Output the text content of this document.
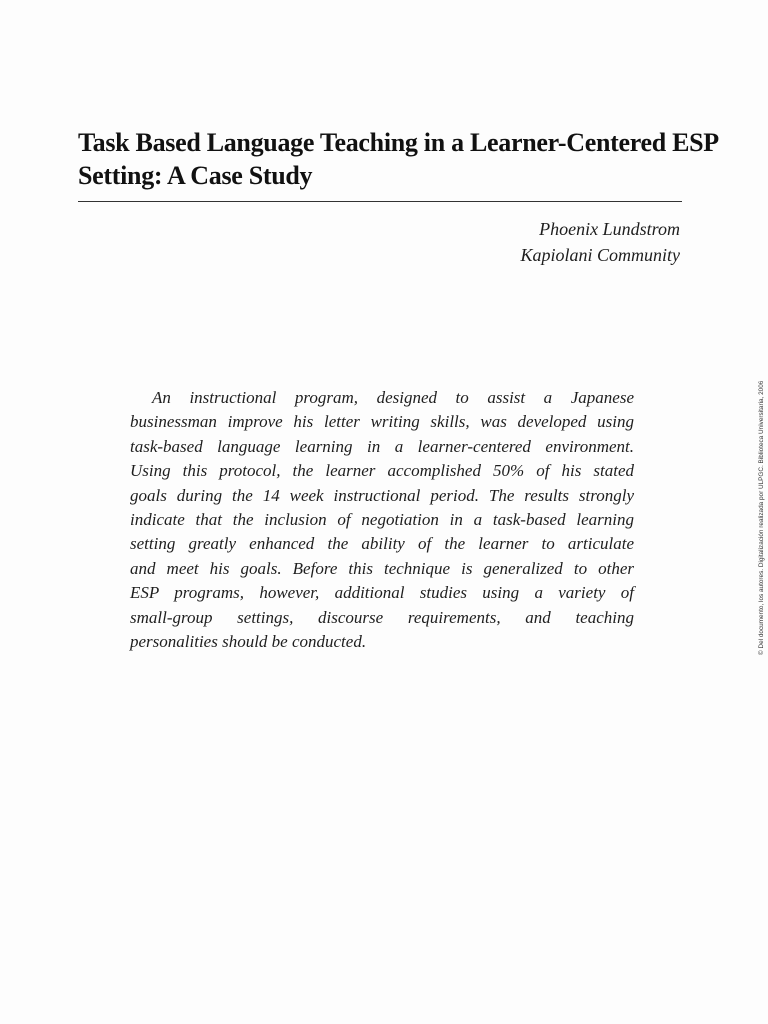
Task Based Language Teaching in a Learner-Centered ESP
Setting: A Case Study
Phoenix Lundstrom
Kapiolani Community
An instructional program, designed to assist a Japanese
businessman improve his letter writing skills, was developed using
task-based language learning in a learner-centered environment.
Using this protocol, the learner accomplished 50% of his stated
goals during the 14 week instructional period. The results strongly
indicate that the inclusion of negotiation in a task-based learning
setting greatly enhanced the ability of the learner to articulate
and meet his goals. Before this technique is generalized to other
ESP programs, however, additional studies using a variety of
small-group settings, discourse requirements, and teaching
personalities should be conducted.	© Del documento, los autores. Digitalización realizada por ULPGC. Biblioteca Universitaria, 2006
